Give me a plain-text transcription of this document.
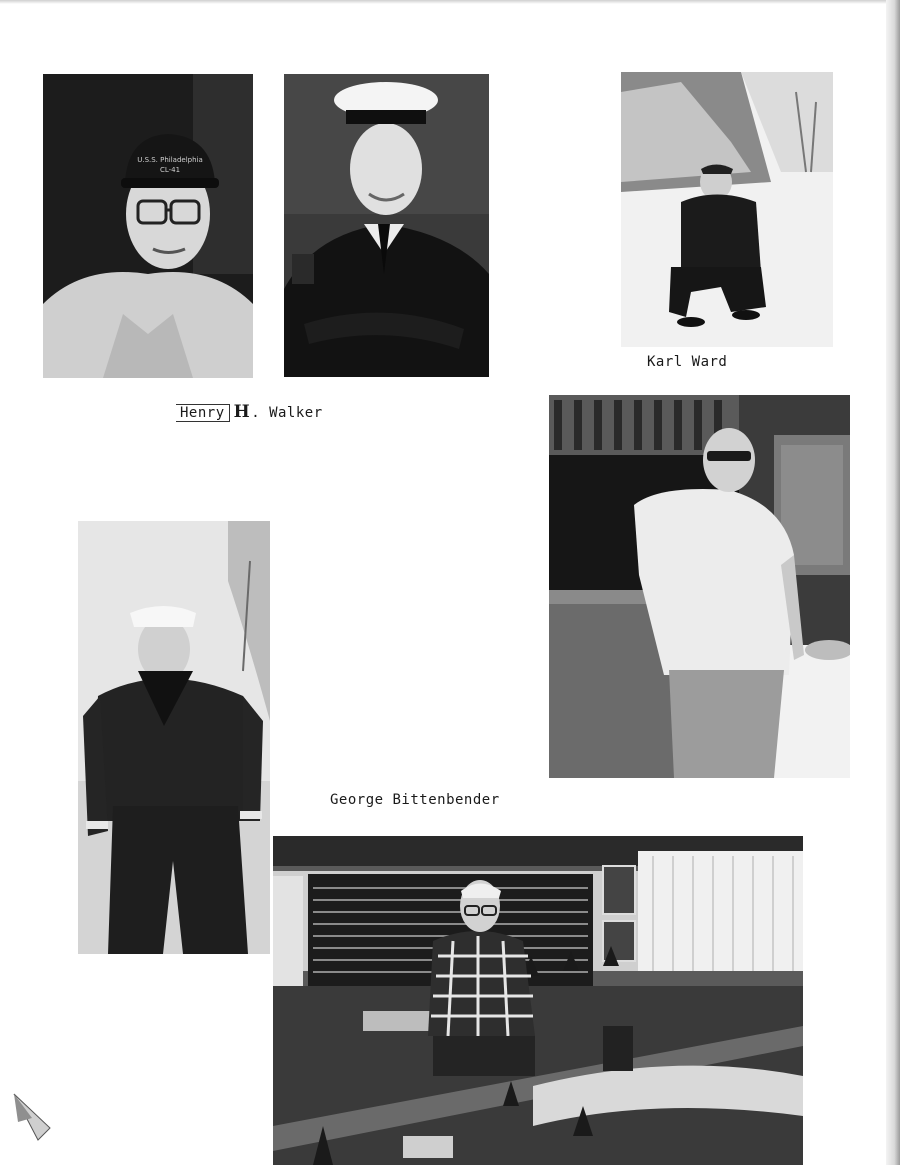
U.S.S. Philadelphia
CL-41
Henry H. Walker
Karl Ward
George Bittenbender
